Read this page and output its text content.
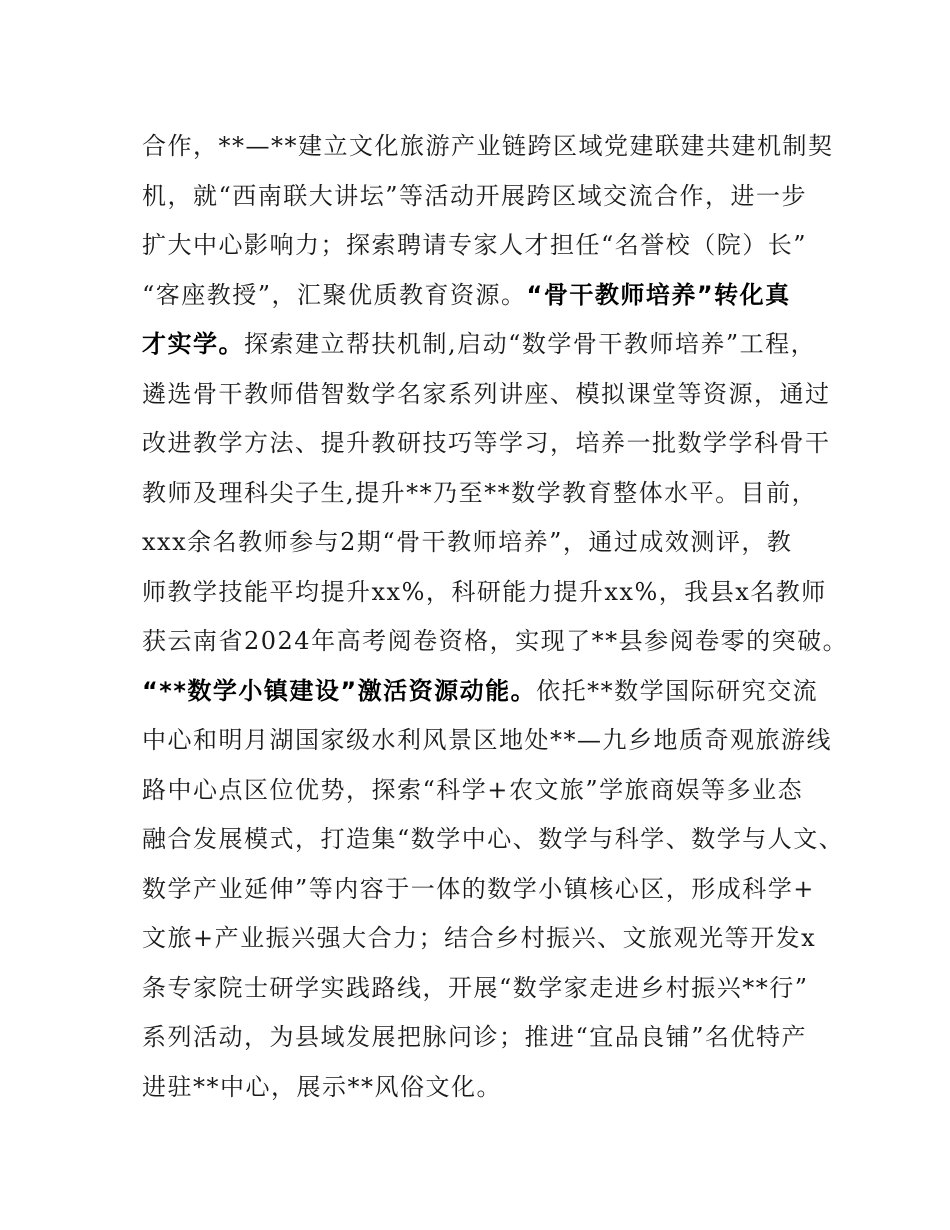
合作，**—**建立文化旅游产业链跨区域党建联建共建机制契
机，就“西南联大讲坛”等活动开展跨区域交流合作，进一步
扩大中心影响力；探索聘请专家人才担任“名誉校（院）长”
“客座教授”，汇聚优质教育资源。“骨干教师培养”转化真
才实学。探索建立帮扶机制,启动“数学骨干教师培养”工程，
遴选骨干教师借智数学名家系列讲座、模拟课堂等资源，通过
改进教学方法、提升教研技巧等学习，培养一批数学学科骨干
教师及理科尖子生,提升**乃至**数学教育整体水平。目前，
xxx余名教师参与2期“骨干教师培养”，通过成效测评，教
师教学技能平均提升xx%，科研能力提升xx%，我县x名教师
获云南省2024年高考阅卷资格，实现了**县参阅卷零的突破。
“**数学小镇建设”激活资源动能。依托**数学国际研究交流
中心和明月湖国家级水利风景区地处**—九乡地质奇观旅游线
路中心点区位优势，探索“科学+农文旅”学旅商娱等多业态
融合发展模式，打造集“数学中心、数学与科学、数学与人文、
数学产业延伸”等内容于一体的数学小镇核心区，形成科学+
文旅+产业振兴强大合力；结合乡村振兴、文旅观光等开发x
条专家院士研学实践路线，开展“数学家走进乡村振兴**行”
系列活动，为县域发展把脉问诊；推进“宜品良铺”名优特产
进驻**中心，展示**风俗文化。
